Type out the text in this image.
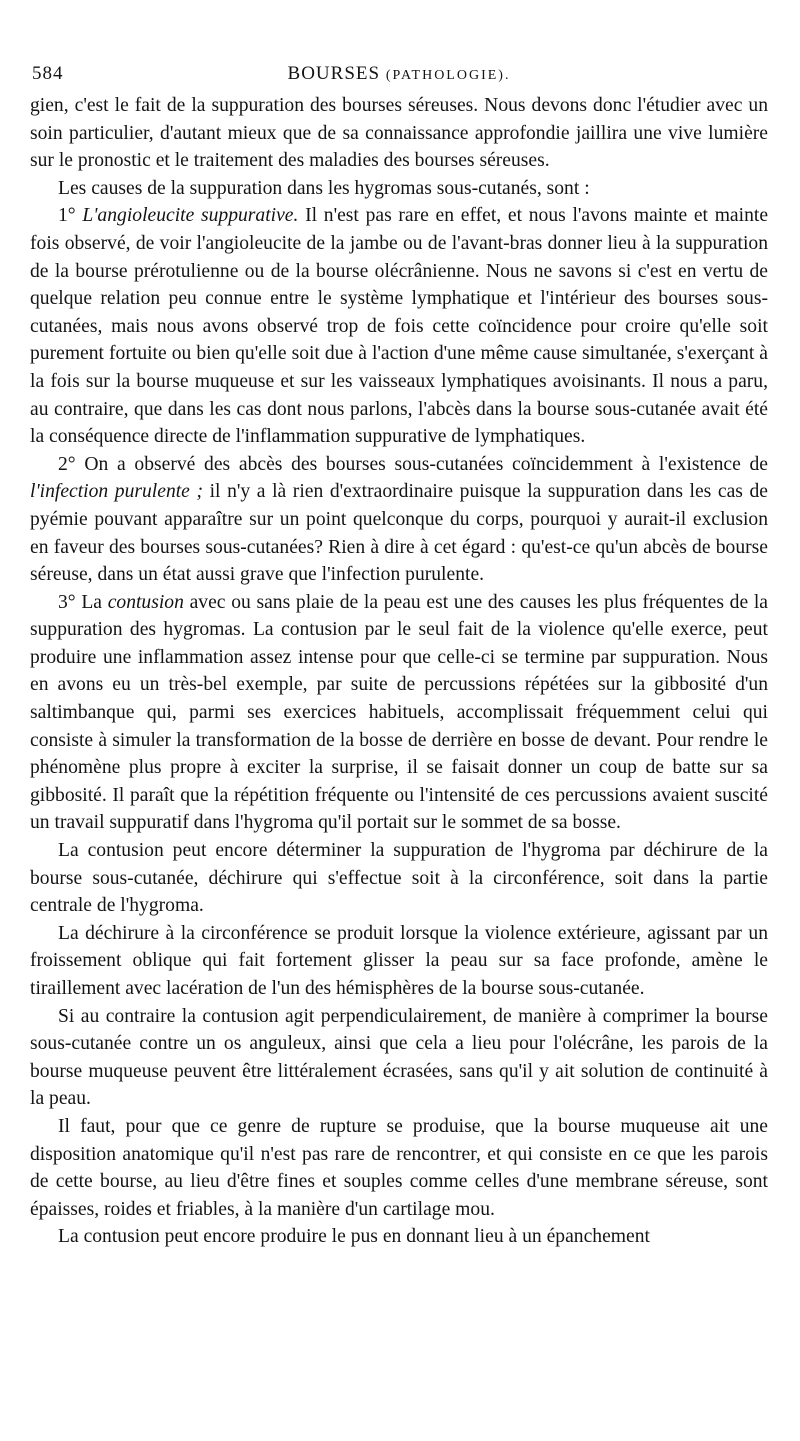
584	BOURSES (PATHOLOGIE).

gien, c'est le fait de la suppuration des bourses séreuses. Nous devons donc l'étudier avec un soin particulier, d'autant mieux que de sa connaissance approfondie jaillira une vive lumière sur le pronostic et le traitement des maladies des bourses séreuses.

Les causes de la suppuration dans les hygromas sous-cutanés, sont :

1° L'angioleucite suppurative. Il n'est pas rare en effet, et nous l'avons mainte et mainte fois observé, de voir l'angioleucite de la jambe ou de l'avant-bras donner lieu à la suppuration de la bourse prérotulienne ou de la bourse olécrânienne. Nous ne savons si c'est en vertu de quelque relation peu connue entre le système lymphatique et l'intérieur des bourses sous-cutanées, mais nous avons observé trop de fois cette coïncidence pour croire qu'elle soit purement fortuite ou bien qu'elle soit due à l'action d'une même cause simultanée, s'exerçant à la fois sur la bourse muqueuse et sur les vaisseaux lymphatiques avoisinants. Il nous a paru, au contraire, que dans les cas dont nous parlons, l'abcès dans la bourse sous-cutanée avait été la conséquence directe de l'inflammation suppurative de lymphatiques.

2° On a observé des abcès des bourses sous-cutanées coïncidemment à l'existence de l'infection purulente ; il n'y a là rien d'extraordinaire puisque la suppuration dans les cas de pyémie pouvant apparaître sur un point quelconque du corps, pourquoi y aurait-il exclusion en faveur des bourses sous-cutanées? Rien à dire à cet égard : qu'est-ce qu'un abcès de bourse séreuse, dans un état aussi grave que l'infection purulente.

3° La contusion avec ou sans plaie de la peau est une des causes les plus fréquentes de la suppuration des hygromas. La contusion par le seul fait de la violence qu'elle exerce, peut produire une inflammation assez intense pour que celle-ci se termine par suppuration. Nous en avons eu un très-bel exemple, par suite de percussions répétées sur la gibbosité d'un saltimbanque qui, parmi ses exercices habituels, accomplissait fréquemment celui qui consiste à simuler la transformation de la bosse de derrière en bosse de devant. Pour rendre le phénomène plus propre à exciter la surprise, il se faisait donner un coup de batte sur sa gibbosité. Il paraît que la répétition fréquente ou l'intensité de ces percussions avaient suscité un travail suppuratif dans l'hygroma qu'il portait sur le sommet de sa bosse.

La contusion peut encore déterminer la suppuration de l'hygroma par déchirure de la bourse sous-cutanée, déchirure qui s'effectue soit à la circonférence, soit dans la partie centrale de l'hygroma.

La déchirure à la circonférence se produit lorsque la violence extérieure, agissant par un froissement oblique qui fait fortement glisser la peau sur sa face profonde, amène le tiraillement avec lacération de l'un des hémisphères de la bourse sous-cutanée.

Si au contraire la contusion agit perpendiculairement, de manière à comprimer la bourse sous-cutanée contre un os anguleux, ainsi que cela a lieu pour l'olécrâne, les parois de la bourse muqueuse peuvent être littéralement écrasées, sans qu'il y ait solution de continuité à la peau.

Il faut, pour que ce genre de rupture se produise, que la bourse muqueuse ait une disposition anatomique qu'il n'est pas rare de rencontrer, et qui consiste en ce que les parois de cette bourse, au lieu d'être fines et souples comme celles d'une membrane séreuse, sont épaisses, roides et friables, à la manière d'un cartilage mou.

La contusion peut encore produire le pus en donnant lieu à un épanchement
